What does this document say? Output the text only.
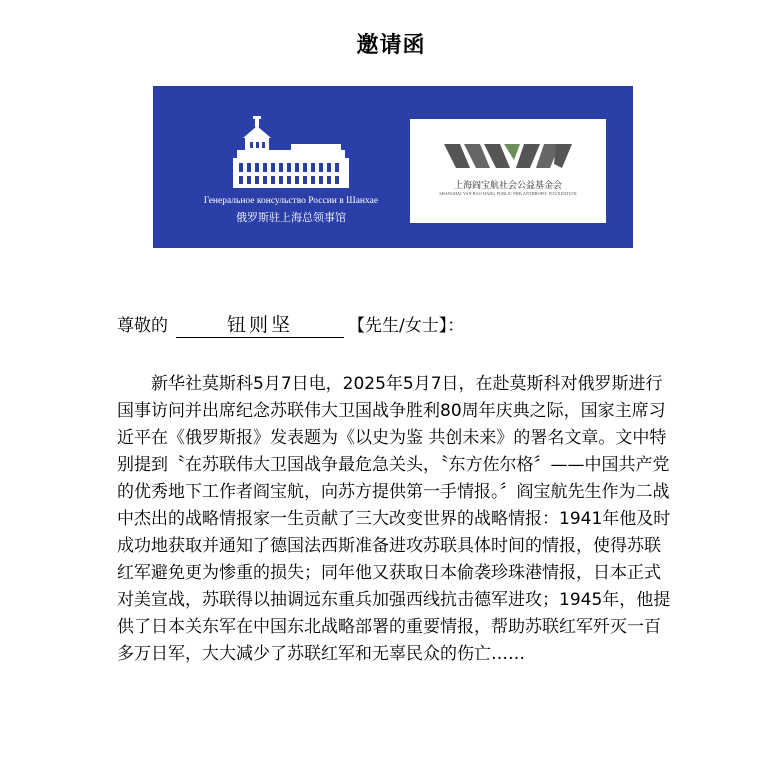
邀请函
Генеральное консульство России в Шанхае
俄罗斯驻上海总领事馆
上海阎宝航社会公益基金会
SHANGHAI YAN BAO HANG PUBLIC PHILANTHROPIC FOUNDATION
尊敬的	钮则坚	【先生/女士】：

新华社莫斯科5月7日电，2025年5月7日，在赴莫斯科对俄罗斯进行国事访问并出席纪念苏联伟大卫国战争胜利80周年庆典之际，国家主席习近平在《俄罗斯报》发表题为《以史为鉴 共创未来》的署名文章。文中特别提到〝在苏联伟大卫国战争最危急关头，〝东方佐尔格〞——中国共产党的优秀地下工作者阎宝航，向苏方提供第一手情报。〞阎宝航先生作为二战中杰出的战略情报家一生贡献了三大改变世界的战略情报：1941年他及时成功地获取并通知了德国法西斯准备进攻苏联具体时间的情报，使得苏联红军避免更为惨重的损失；同年他又获取日本偷袭珍珠港情报，日本正式对美宣战，苏联得以抽调远东重兵加强西线抗击德军进攻；1945年，他提供了日本关东军在中国东北战略部署的重要情报，帮助苏联红军歼灭一百多万日军，大大减少了苏联红军和无辜民众的伤亡……
